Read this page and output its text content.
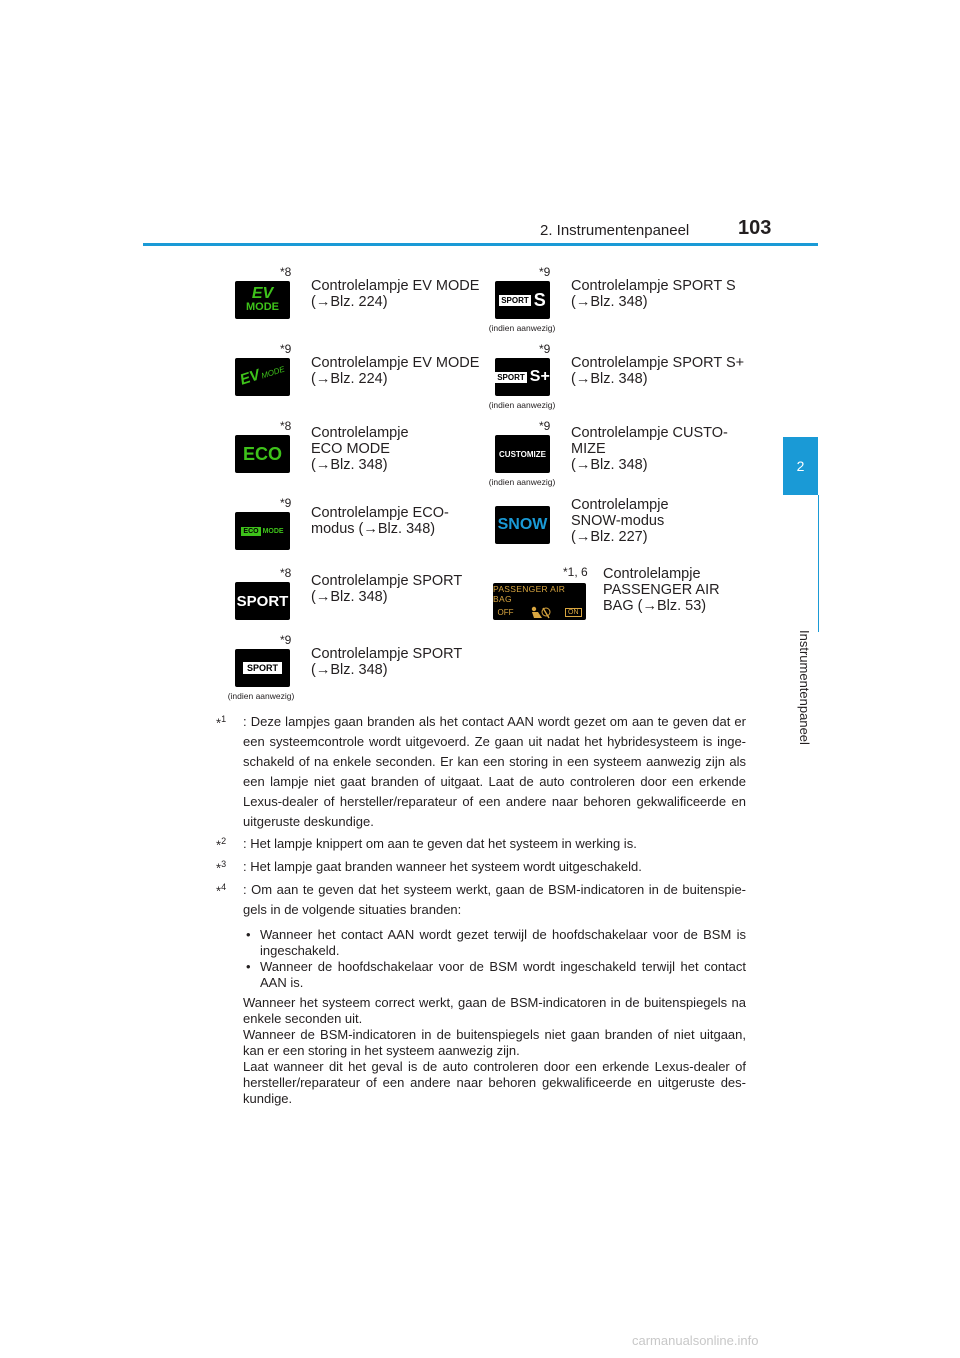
2. Instrumentenpaneel 103
2
Instrumentenpaneel
*8
EV
MODE
Controlelampje EV MODE
(→Blz. 224)
*9
SPORT S
(indien aanwezig)
Controlelampje SPORT S
(→Blz. 348)
*9
EV
MODE
Controlelampje EV MODE
(→Blz. 224)
*9
SPORT S+
(indien aanwezig)
Controlelampje SPORT S+
(→Blz. 348)
*8
ECO
Controlelampje
ECO MODE
(→Blz. 348)
*9
CUSTOMIZE
(indien aanwezig)
Controlelampje CUSTO-
MIZE
(→Blz. 348)
*9
ECO MODE
Controlelampje ECO-
modus (→Blz. 348)	SNOW
Controlelampje
SNOW-modus
(→Blz. 227)
*8
SPORT
Controlelampje SPORT
(→Blz. 348)
*1, 6
PASSENGER AIR BAG
OFF	ON
Controlelampje
PASSENGER AIR
BAG (→Blz. 53)
*9
SPORT
(indien aanwezig)
Controlelampje SPORT
(→Blz. 348)
*$^1$ : Deze lampjes gaan branden als het contact AAN wordt gezet om aan te geven dat er een systeemcontrole wordt uitgevoerd. Ze gaan uit nadat het hybridesysteem is inge-schakeld of na enkele seconden. Er kan een storing in een systeem aanwezig zijn als een lampje niet gaat branden of uitgaat. Laat de auto controleren door een erkende Lexus-dealer of hersteller/reparateur of een andere naar behoren gekwalificeerde en uitgeruste deskundige.
*$^2$ : Het lampje knippert om aan te geven dat het systeem in werking is.
*$^3$ : Het lampje gaat branden wanneer het systeem wordt uitgeschakeld.
*$^4$ : Om aan te geven dat het systeem werkt, gaan de BSM-indicatoren in de buitenspie-gels in de volgende situaties branden:
• Wanneer het contact AAN wordt gezet terwijl de hoofdschakelaar voor de BSM is ingeschakeld.
• Wanneer de hoofdschakelaar voor de BSM wordt ingeschakeld terwijl het contact AAN is.
Wanneer het systeem correct werkt, gaan de BSM-indicatoren in de buitenspiegels na enkele seconden uit.
Wanneer de BSM-indicatoren in de buitenspiegels niet gaan branden of niet uitgaan, kan er een storing in het systeem aanwezig zijn.
Laat wanneer dit het geval is de auto controleren door een erkende Lexus-dealer of hersteller/reparateur of een andere naar behoren gekwalificeerde en uitgeruste des-kundige.
carmanualsonline.info
